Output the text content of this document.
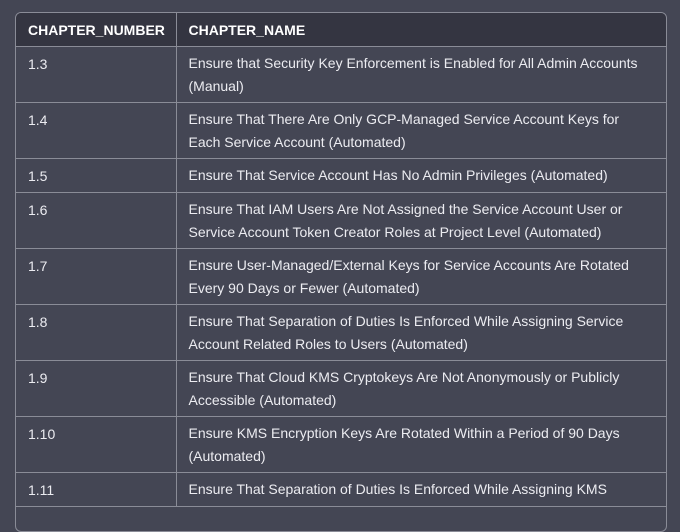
CHAPTER_NUMBER	CHAPTER_NAME
1.3	Ensure that Security Key Enforcement is Enabled for All Admin Accounts (Manual)
1.4	Ensure That There Are Only GCP-Managed Service Account Keys for Each Service Account (Automated)
1.5	Ensure That Service Account Has No Admin Privileges (Automated)
1.6	Ensure That IAM Users Are Not Assigned the Service Account User or Service Account Token Creator Roles at Project Level (Automated)
1.7	Ensure User-Managed/External Keys for Service Accounts Are Rotated Every 90 Days or Fewer (Automated)
1.8	Ensure That Separation of Duties Is Enforced While Assigning Service Account Related Roles to Users (Automated)
1.9	Ensure That Cloud KMS Cryptokeys Are Not Anonymously or Publicly Accessible (Automated)
1.10	Ensure KMS Encryption Keys Are Rotated Within a Period of 90 Days (Automated)
1.11	Ensure That Separation of Duties Is Enforced While Assigning KMS
